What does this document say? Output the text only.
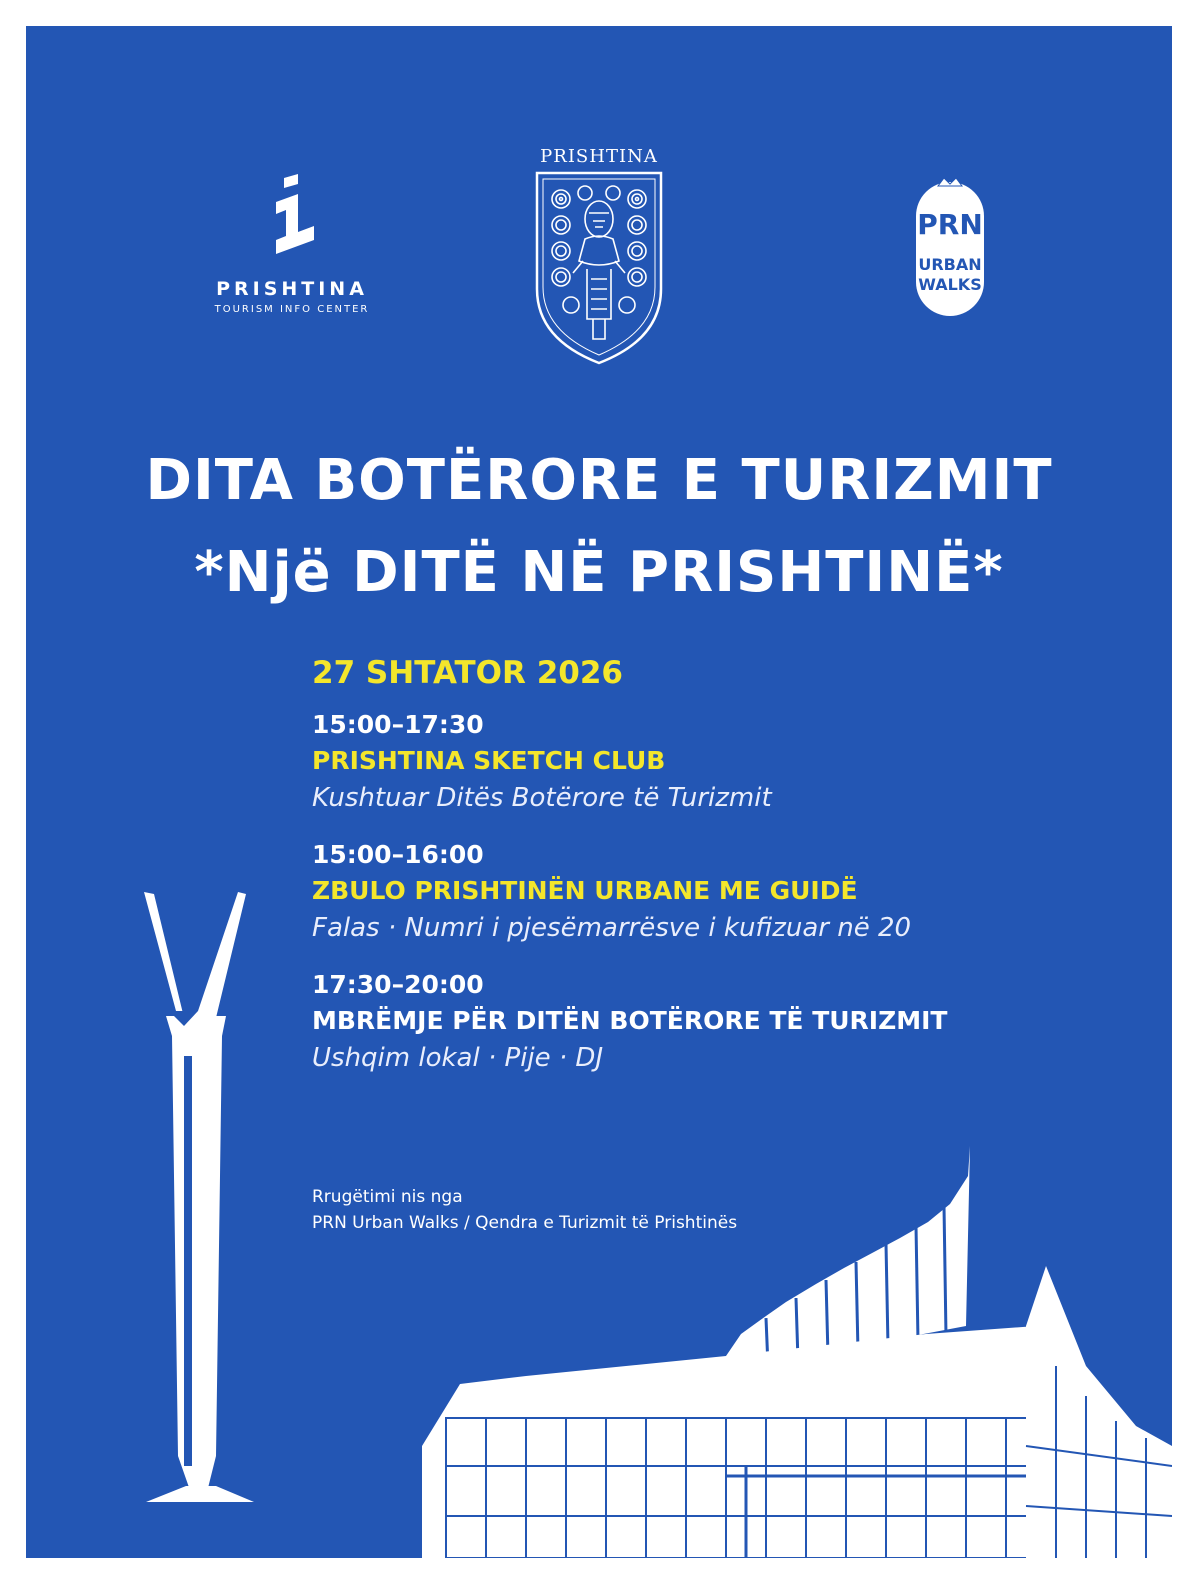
PRISHTINA
TOURISM INFO CENTER
PRISHTINA
PRN
URBAN
WALKS
DITA BOTËRORE E TURIZMIT
*Një DITË NË PRISHTINË*
27 SHTATOR 2026
15:00–17:30
PRISHTINA SKETCH CLUB
Kushtuar Ditës Botërore të Turizmit
15:00–16:00
ZBULO PRISHTINËN URBANE ME GUIDË
Falas · Numri i pjesëmarrësve i kufizuar në 20
17:30–20:00
MBRËMJE PËR DITËN BOTËRORE TË TURIZMIT
Ushqim lokal · Pije · DJ
Rrugëtimi nis nga
PRN Urban Walks / Qendra e Turizmit të Prishtinës
